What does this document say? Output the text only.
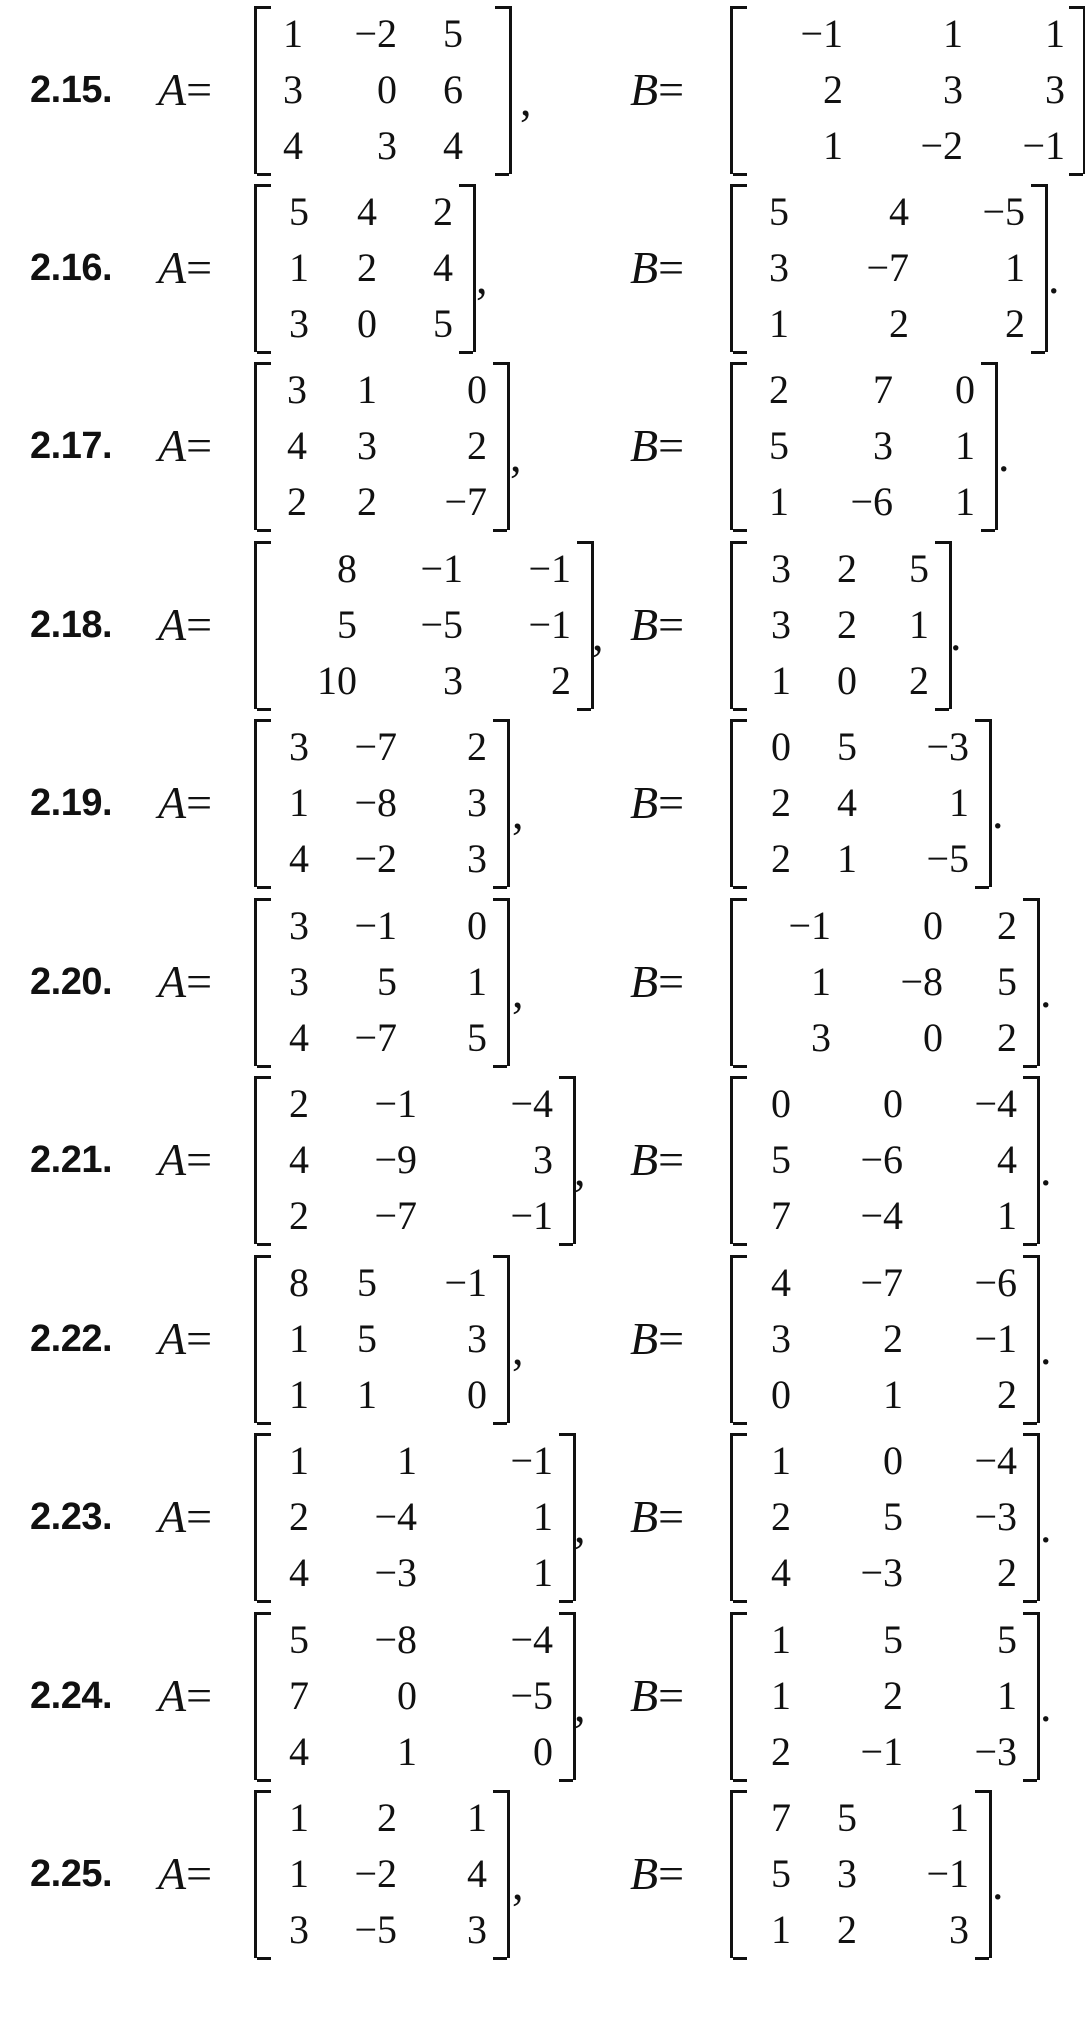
2.15. A=
1	−2	5
3	0	6
4	3	4
, B=
−1	1	1
2	3	3
1	−2	−1
2.16. A=
5	4	2
1	2	4
3	0	5
,	B=
5	4	−5
3	−7	1
1	2	2
.
2.17. A=
3	1	0
4	3	2
2	2	−7
, B=
2	7	0
5	3	1
1	−6	1
.
2.18. A=
8	−1	−1
5	−5	−1
10	3	2
, B=
3	2	5
3	2	1
1	0	2
.
2.19. A=
3	−7	2
1	−8	3
4	−2	3
, B=
0	5	−3
2	4	1
2	1	−5
.
2.20. A=
3	−1	0
3	5	1
4	−7	5
, B=
−1	0	2
1	−8	5
3	0	2
.
2.21. A=
2	−1	−4
4	−9	3
2	−7	−1
, B=
0	0	−4
5	−6	4
7	−4	1
.
2.22. A=
8	5	−1
1	5	3
1	1	0
, B=
4	−7	−6
3	2	−1
0	1	2
.
2.23. A=
1	1	−1
2	−4	1
4	−3	1
, B=
1	0	−4
2	5	−3
4	−3	2
.
2.24. A=
5	−8	−4
7	0	−5
4	1	0
, B=
1	5	5
1	2	1
2	−1	−3
.
2.25. A=
1	2	1
1	−2	4
3	−5	3
, B=
7	5	1
5	3	−1
1	2	3
.
